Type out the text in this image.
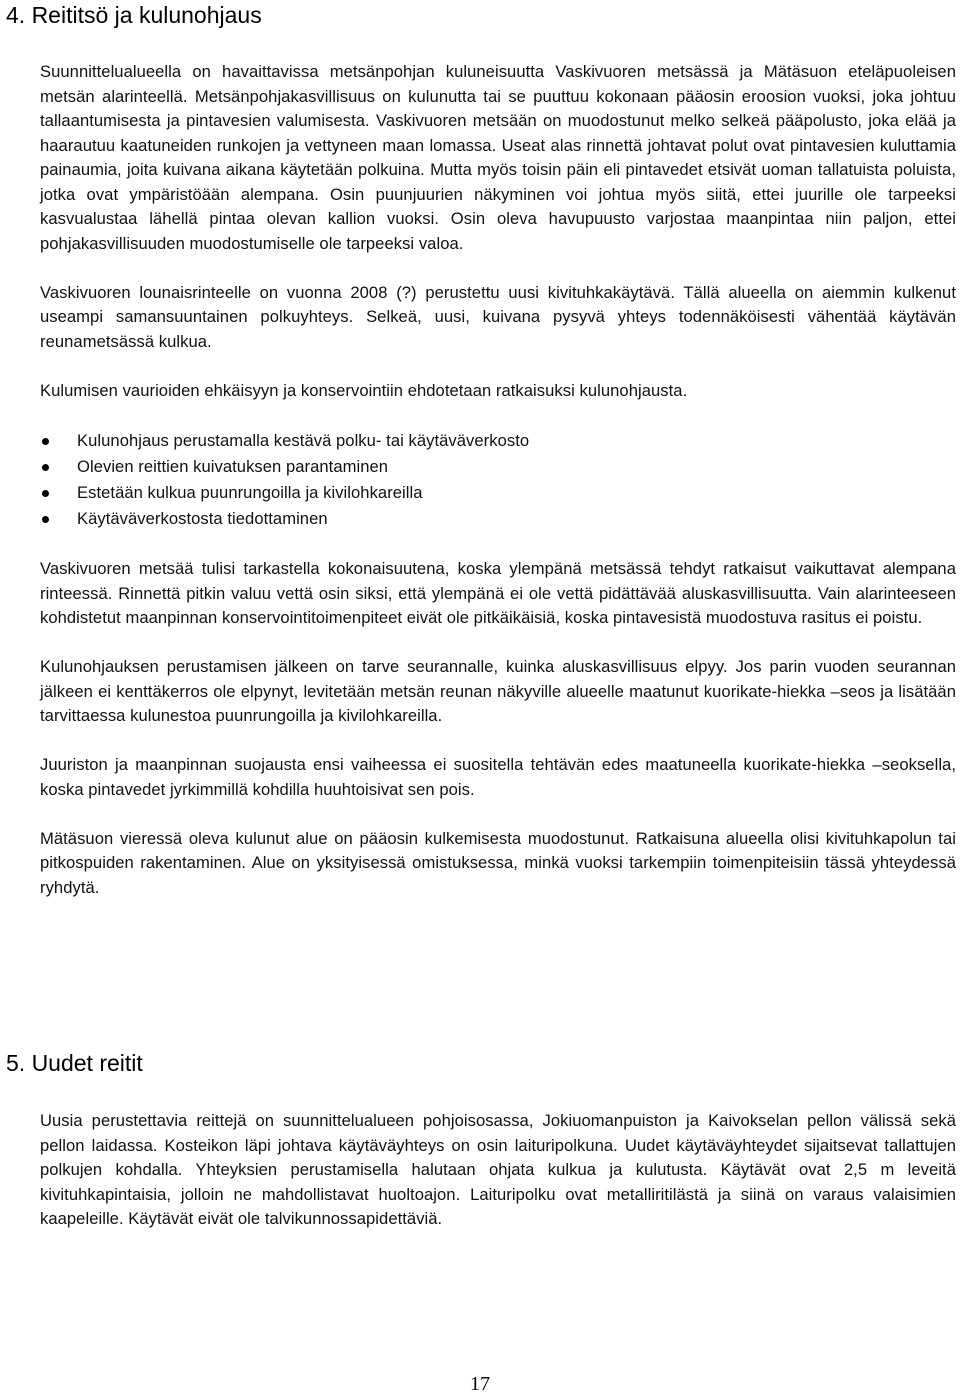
4. Reititsö ja kulunohjaus

Suunnittelualueella on havaittavissa metsänpohjan kuluneisuutta Vaskivuoren metsässä ja Mätäsuon eteläpuoleisen metsän alarinteellä. Metsänpohjakasvillisuus on kulunutta tai se puuttuu kokonaan pääosin eroosion vuoksi, joka johtuu tallaantumisesta ja pintavesien valumisesta. Vaskivuoren metsään on muodostunut melko selkeä pääpolusto, joka elää ja haarautuu kaatuneiden runkojen ja vettyneen maan lomassa. Useat alas rinnettä johtavat polut ovat pintavesien kuluttamia painaumia, joita kuivana aikana käytetään polkuina. Mutta myös toisin päin eli pintavedet etsivät uoman tallatuista poluista, jotka ovat ympäristöään alempana. Osin puunjuurien näkyminen voi johtua myös siitä, ettei juurille ole tarpeeksi kasvualustaa lähellä pintaa olevan kallion vuoksi. Osin oleva havupuusto varjostaa maanpintaa niin paljon, ettei pohjakasvillisuuden muodostumiselle ole tarpeeksi valoa.

Vaskivuoren lounaisrinteelle on vuonna 2008 (?) perustettu uusi kivituhkakäytävä. Tällä alueella on aiemmin kulkenut useampi samansuuntainen polkuyhteys. Selkeä, uusi, kuivana pysyvä yhteys todennäköisesti vähentää käytävän reunametsässä kulkua.

Kulumisen vaurioiden ehkäisyyn ja konservointiin ehdotetaan ratkaisuksi kulunohjausta.

Kulunohjaus perustamalla kestävä polku- tai käytäväverkosto
Olevien reittien kuivatuksen parantaminen
Estetään kulkua puunrungoilla ja kivilohkareilla
Käytäväverkostosta tiedottaminen

Vaskivuoren metsää tulisi tarkastella kokonaisuutena, koska ylempänä metsässä tehdyt ratkaisut vaikuttavat alempana rinteessä. Rinnettä pitkin valuu vettä osin siksi, että ylempänä ei ole vettä pidättävää aluskasvillisuutta. Vain alarinteeseen kohdistetut maanpinnan konservointitoimenpiteet eivät ole pitkäikäisiä, koska pintavesistä muodostuva rasitus ei poistu.

Kulunohjauksen perustamisen jälkeen on tarve seurannalle, kuinka aluskasvillisuus elpyy. Jos parin vuoden seurannan jälkeen ei kenttäkerros ole elpynyt, levitetään metsän reunan näkyville alueelle maatunut kuorikate-hiekka –seos ja lisätään tarvittaessa kulunestoa puunrungoilla ja kivilohkareilla.

Juuriston ja maanpinnan suojausta ensi vaiheessa ei suositella tehtävän edes maatuneella kuorikate-hiekka –seoksella, koska pintavedet jyrkimmillä kohdilla huuhtoisivat sen pois.

Mätäsuon vieressä oleva kulunut alue on pääosin kulkemisesta muodostunut. Ratkaisuna alueella olisi kivituhkapolun tai pitkospuiden rakentaminen. Alue on yksityisessä omistuksessa, minkä vuoksi tarkempiin toimenpiteisiin tässä yhteydessä ryhdytä.

5. Uudet reitit

Uusia perustettavia reittejä on suunnittelualueen pohjoisosassa, Jokiuomanpuiston ja Kaivokselan pellon välissä sekä pellon laidassa. Kosteikon läpi johtava käytäväyhteys on osin laituripolkuna. Uudet käytäväyhteydet sijaitsevat tallattujen polkujen kohdalla. Yhteyksien perustamisella halutaan ohjata kulkua ja kulutusta. Käytävät ovat 2,5 m leveitä kivituhkapintaisia, jolloin ne mahdollistavat huoltoajon. Laituripolku ovat metalliritilästä ja siinä on varaus valaisimien kaapeleille. Käytävät eivät ole talvikunnossapidettäviä.

17
